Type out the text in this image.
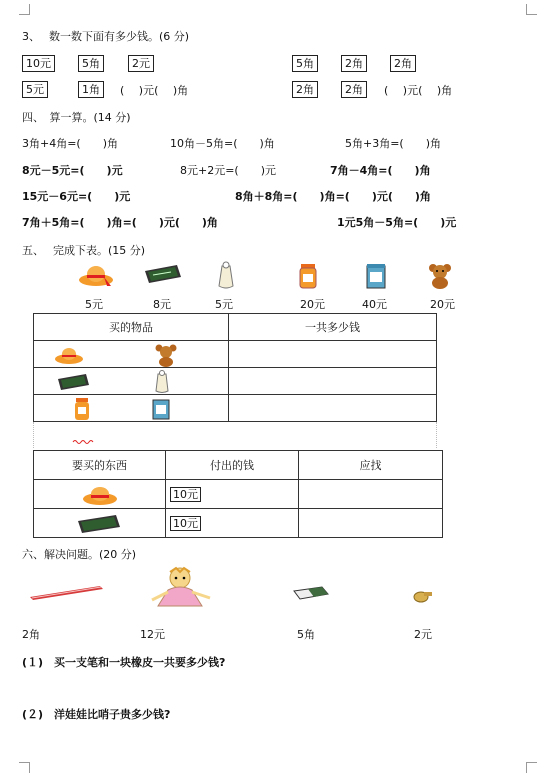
3、　 数一数下面有多少钱。(6 分)
10元	5角	2元
5元	1角	(　 )元(　 )角
5角	2角	2角
2角	2角	(　 )元(　 )角
四、　算一算。(14 分)
3角+4角=(　　)角	10角－5角=(　　)角	5角+3角=(　　)角
8元－5元=(　　)元	8元+2元=(　　)元	7角－4角=(　　)角
15元－6元=(　　)元	8角＋8角=(　　)角=(　　)元(　　)角
7角＋5角=(　　)角=(　　)元(　　)角	1元5角－5角=(　　)元
五、　 完成下表。(15 分)
5元	8元	5元	20元	40元	20元
买的物品	一共多少钱

要买的东西	付出的钱	应找

	10元	

	10元	
六、解决问题。(20 分)
2角	12元	5角	2元
(１)　买一支笔和一块橡皮一共要多少钱?
(２)　洋娃娃比哨子贵多少钱?
